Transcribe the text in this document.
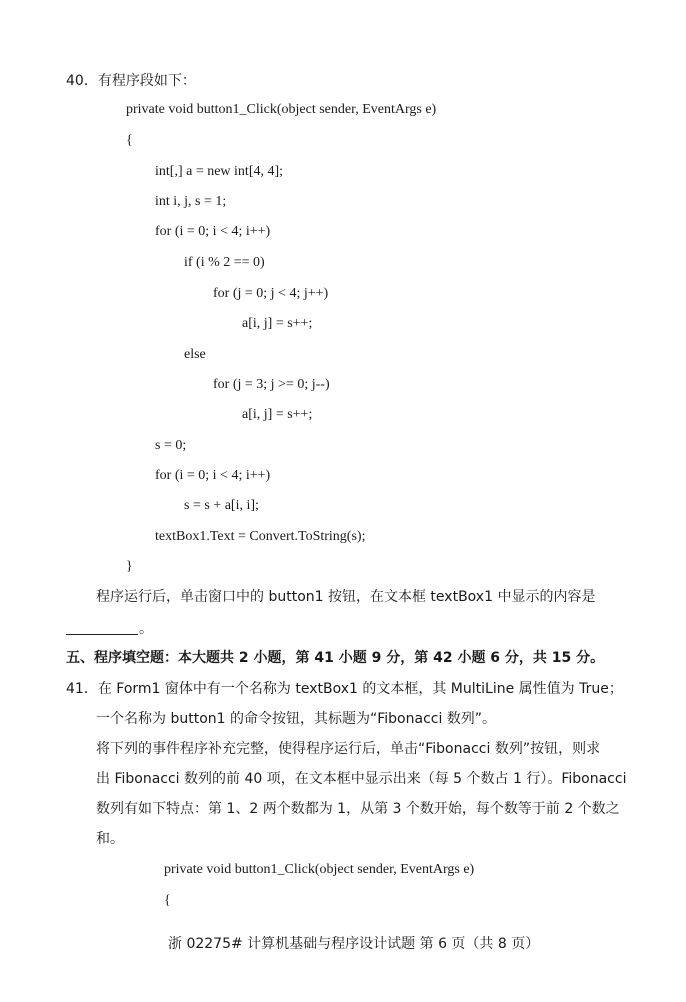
40．有程序段如下：
private void button1_Click(object sender, EventArgs e)
{
int[,] a = new int[4, 4];
int i, j, s = 1;
for (i = 0; i < 4; i++)
if (i % 2 == 0)
for (j = 0; j < 4; j++)
a[i, j] = s++;
else
for (j = 3; j >= 0; j--)
a[i, j] = s++;
s = 0;
for (i = 0; i < 4; i++)
s = s + a[i, i];
textBox1.Text = Convert.ToString(s);
}
程序运行后，单击窗口中的 button1 按钮，在文本框 textBox1 中显示的内容是
。
五、程序填空题：本大题共 2 小题，第 41 小题 9 分，第 42 小题 6 分，共 15 分。
41．在 Form1 窗体中有一个名称为 textBox1 的文本框，其 MultiLine 属性值为 True；
一个名称为 button1 的命令按钮，其标题为“Fibonacci 数列”。
将下列的事件程序补充完整，使得程序运行后，单击“Fibonacci 数列”按钮，则求
出 Fibonacci 数列的前 40 项，在文本框中显示出来（每 5 个数占 1 行）。Fibonacci
数列有如下特点：第 1、2 两个数都为 1，从第 3 个数开始，每个数等于前 2 个数之
和。
private void button1_Click(object sender, EventArgs e)
{
浙 02275# 计算机基础与程序设计试题 第 6 页（共 8 页）
